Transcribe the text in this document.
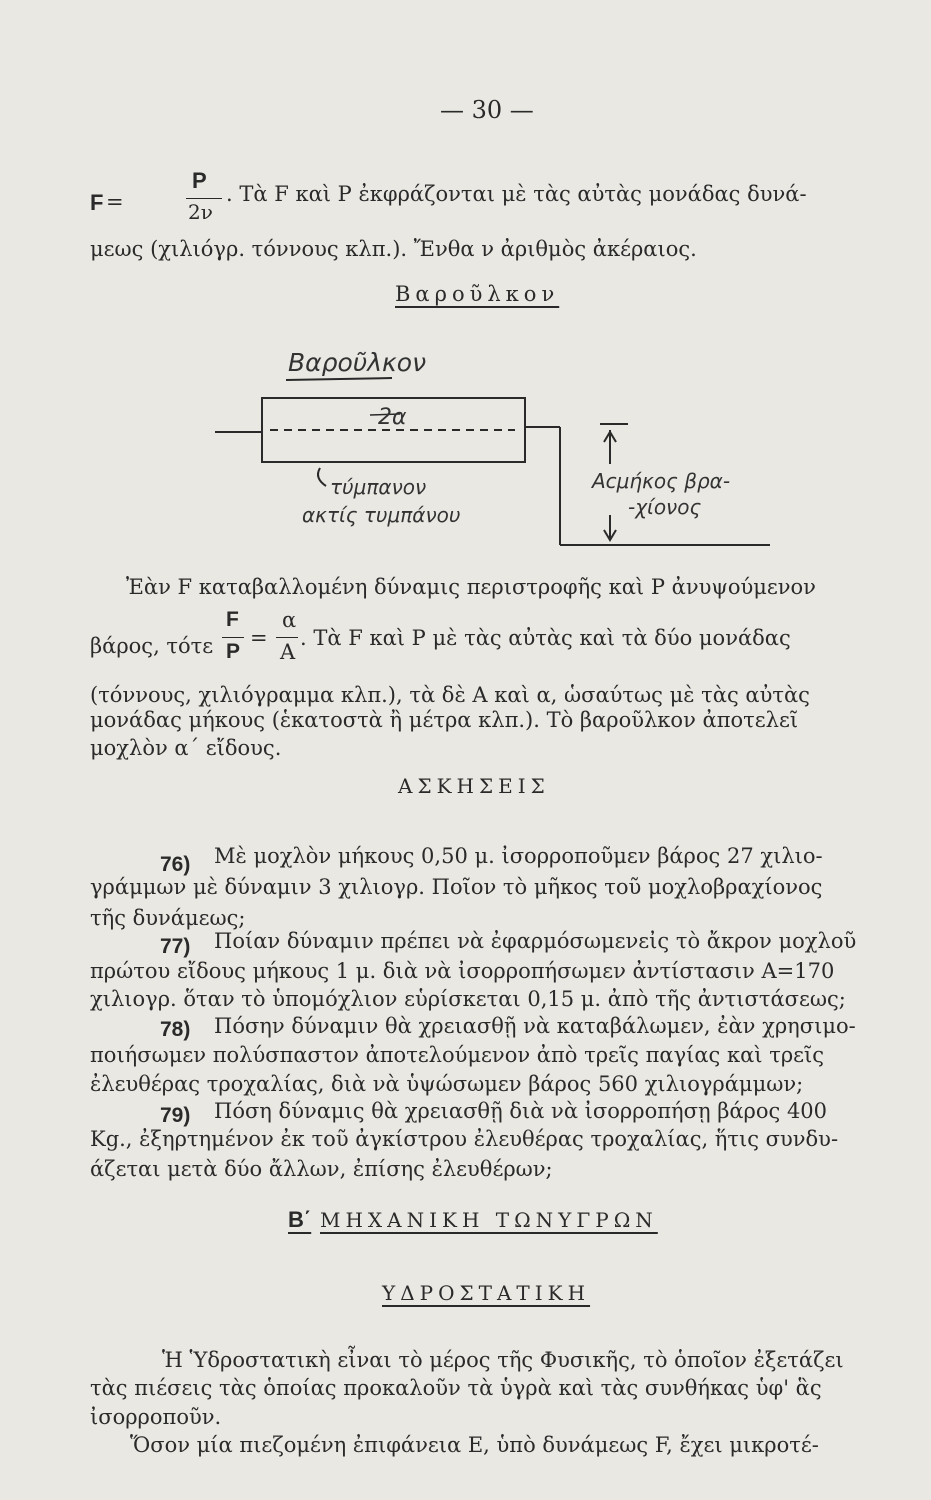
— 30 —
F =
P
2ν
. Τὰ F καὶ P ἐκφράζονται μὲ τὰς αὐτὰς μονάδας δυνά-
μεως (χιλιόγρ. τόννους κλπ.). Ἔνθα ν ἀριθμὸς ἀκέραιος.
Βαρoῦλκoν
Βαροῦλκον
2α
τύμπανον
ακτίς τυμπάνου
Αcμήκος βρα-
-χίονος
Ἐὰν F καταβαλλομένη δύναμις περιστροφῆς καὶ P ἀνυψούμενον
βάρος, τότε
F
P
=
α
Α
. Τὰ F καὶ P μὲ τὰς αὐτὰς καὶ τὰ δύο μονάδας
(τόννους, χιλιόγραμμα κλπ.), τὰ δὲ Α καὶ α, ὡσαύτως μὲ τὰς αὐτὰς
μονάδας μήκους (ἑκατοστὰ ἢ μέτρα κλπ.). Τὸ βαροῦλκον ἀποτελεῖ
μοχλὸν α΄ εἴδους.
ΑΣΚΗΣΕΙΣ
76) Μὲ μοχλὸν μήκους 0,50 μ. ἰσορροποῦμεν βάρος 27 χιλιο-
γράμμων μὲ δύναμιν 3 χιλιογρ. Ποῖον τὸ μῆκος τοῦ μοχλοβραχίονος
τῆς δυνάμεως;
77) Ποίαν δύναμιν πρέπει νὰ ἐφαρμόσωμενεἰς τὸ ἄκρον μοχλοῦ
πρώτου εἴδους μήκους 1 μ. διὰ νὰ ἰσορροπήσωμεν ἀντίστασιν Α=170
χιλιογρ. ὅταν τὸ ὑπομόχλιον εὑρίσκεται 0,15 μ. ἀπὸ τῆς ἀντιστάσεως;
78) Πόσην δύναμιν θὰ χρειασθῇ νὰ καταβάλωμεν, ἐὰν χρησιμο-
ποιήσωμεν πολύσπαστον ἀποτελούμενον ἀπὸ τρεῖς παγίας καὶ τρεῖς
ἐλευθέρας τροχαλίας, διὰ νὰ ὑψώσωμεν βάρος 560 χιλιογράμμων;
79) Πόση δύναμις θὰ χρειασθῇ διὰ νὰ ἰσορροπήσῃ βάρος 400
Kg., ἐξηρτημένον ἐκ τοῦ ἀγκίστρου ἐλευθέρας τροχαλίας, ἥτις συνδυ-
άζεται μετὰ δύο ἄλλων, ἐπίσης ἐλευθέρων;
Β΄ ΜΗΧΑΝΙΚΗ ΤΩΝΥΓΡΩΝ
ΥΔΡΟΣΤΑΤΙΚΗ
Ἡ Ὑδροστατικὴ εἶναι τὸ μέρος τῆς Φυσικῆς, τὸ ὁποῖον ἐξετάζει
τὰς πιέσεις τὰς ὁποίας προκαλοῦν τὰ ὑγρὰ καὶ τὰς συνθήκας ὑφ' ἃς
ἰσορροποῦν.
Ὅσον μία πιεζομένη ἐπιφάνεια Ε, ὑπὸ δυνάμεως F, ἔχει μικροτέ-
